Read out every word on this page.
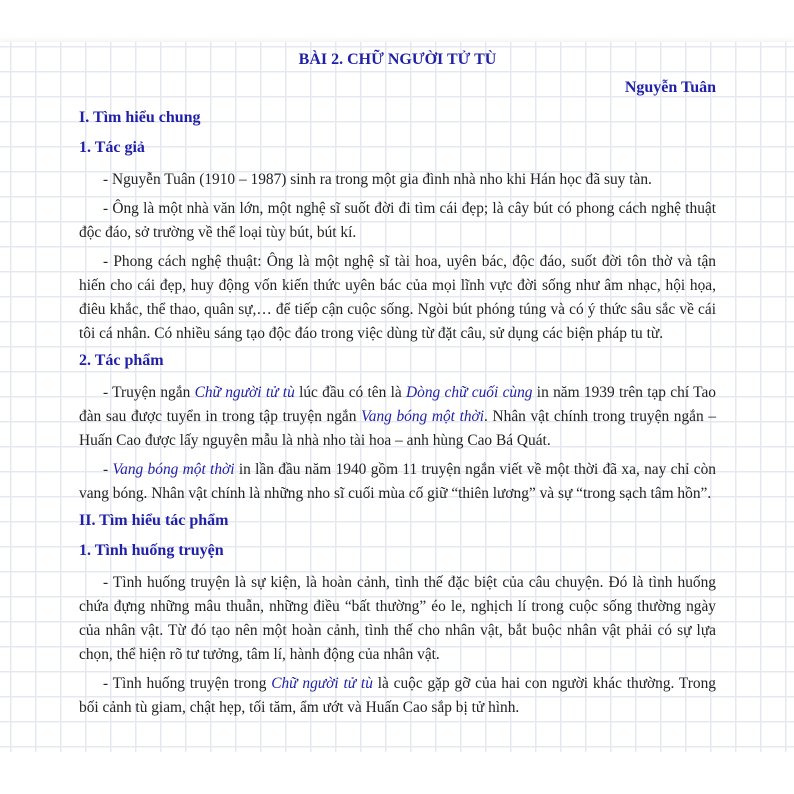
BÀI 2. CHỮ NGƯỜI TỬ TÙ
Nguyễn Tuân
I. Tìm hiểu chung
1. Tác giả

- Nguyễn Tuân (1910 – 1987) sinh ra trong một gia đình nhà nho khi Hán học đã suy tàn.

- Ông là một nhà văn lớn, một nghệ sĩ suốt đời đi tìm cái đẹp; là cây bút có phong cách nghệ thuật độc đáo, sở trường về thể loại tùy bút, bút kí.

- Phong cách nghệ thuật: Ông là một nghệ sĩ tài hoa, uyên bác, độc đáo, suốt đời tôn thờ và tận hiến cho cái đẹp, huy động vốn kiến thức uyên bác của mọi lĩnh vực đời sống như âm nhạc, hội họa, điêu khắc, thể thao, quân sự,… để tiếp cận cuộc sống. Ngòi bút phóng túng và có ý thức sâu sắc về cái tôi cá nhân. Có nhiều sáng tạo độc đáo trong việc dùng từ đặt câu, sử dụng các biện pháp tu từ.

2. Tác phẩm

- Truyện ngắn Chữ người tử tù lúc đầu có tên là Dòng chữ cuối cùng in năm 1939 trên tạp chí Tao đàn sau được tuyển in trong tập truyện ngắn Vang bóng một thời. Nhân vật chính trong truyện ngắn – Huấn Cao được lấy nguyên mẫu là nhà nho tài hoa – anh hùng Cao Bá Quát.

- Vang bóng một thời in lần đầu năm 1940 gồm 11 truyện ngắn viết về một thời đã xa, nay chỉ còn vang bóng. Nhân vật chính là những nho sĩ cuối mùa cố giữ “thiên lương” và sự “trong sạch tâm hồn”.

II. Tìm hiểu tác phẩm
1. Tình huống truyện

- Tình huống truyện là sự kiện, là hoàn cảnh, tình thế đặc biệt của câu chuyện. Đó là tình huống chứa đựng những mâu thuẫn, những điều “bất thường” éo le, nghịch lí trong cuộc sống thường ngày của nhân vật. Từ đó tạo nên một hoàn cảnh, tình thế cho nhân vật, bắt buộc nhân vật phải có sự lựa chọn, thể hiện rõ tư tưởng, tâm lí, hành động của nhân vật.

- Tình huống truyện trong Chữ người tử tù là cuộc gặp gỡ của hai con người khác thường. Trong bối cảnh tù giam, chật hẹp, tối tăm, ẩm ướt và Huấn Cao sắp bị tử hình.
